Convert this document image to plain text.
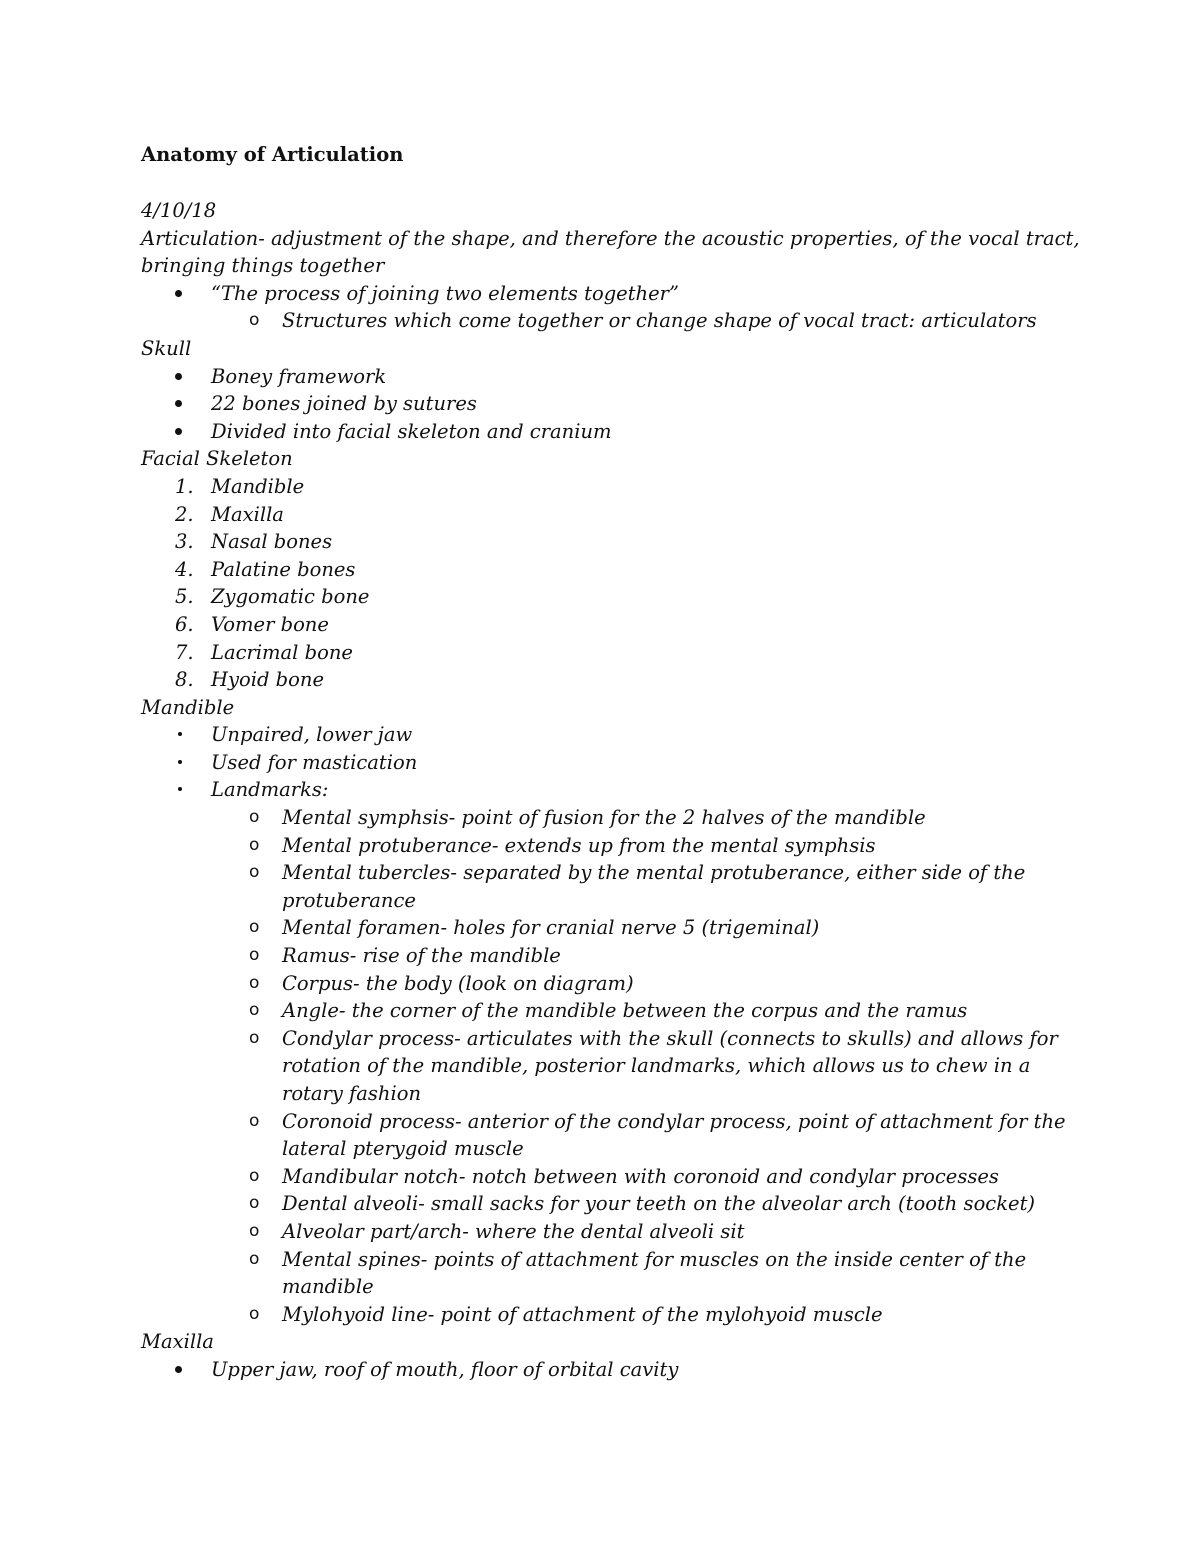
Anatomy of Articulation
4/10/18
Articulation- adjustment of the shape, and therefore the acoustic properties, of the vocal tract, bringing things together
“The process of joining two elements together”
o Structures which come together or change shape of vocal tract: articulators
Skull
Boney framework
22 bones joined by sutures
Divided into facial skeleton and cranium
Facial Skeleton
1. Mandible
2. Maxilla
3. Nasal bones
4. Palatine bones
5. Zygomatic bone
6. Vomer bone
7. Lacrimal bone
8. Hyoid bone
Mandible
Unpaired, lower jaw
Used for mastication
Landmarks:
o Mental symphsis- point of fusion for the 2 halves of the mandible
o Mental protuberance- extends up from the mental symphsis
o Mental tubercles- separated by the mental protuberance, either side of the protuberance
o Mental foramen- holes for cranial nerve 5 (trigeminal)
o Ramus- rise of the mandible
o Corpus- the body (look on diagram)
o Angle- the corner of the mandible between the corpus and the ramus
o Condylar process- articulates with the skull (connects to skulls) and allows for rotation of the mandible, posterior landmarks, which allows us to chew in a rotary fashion
o Coronoid process- anterior of the condylar process, point of attachment for the lateral pterygoid muscle
o Mandibular notch- notch between with coronoid and condylar processes
o Dental alveoli- small sacks for your teeth on the alveolar arch (tooth socket)
o Alveolar part/arch- where the dental alveoli sit
o Mental spines- points of attachment for muscles on the inside center of the mandible
o Mylohyoid line- point of attachment of the mylohyoid muscle
Maxilla
Upper jaw, roof of mouth, floor of orbital cavity
